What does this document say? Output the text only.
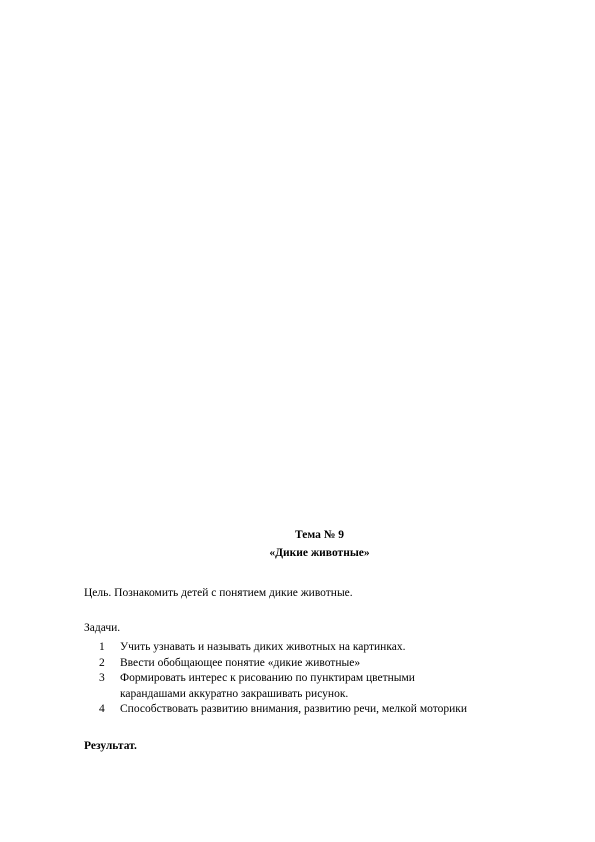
Тема № 9
«Дикие животные»
Цель. Познакомить детей с понятием дикие животные.
Задачи.
1	Учить узнавать и называть диких животных на картинках.
2	Ввести обобщающее понятие «дикие животные»
3	Формировать интерес к рисованию по пунктирам цветными
карандашами аккуратно закрашивать рисунок.
4	Способствовать развитию внимания, развитию речи, мелкой моторики
Результат.
